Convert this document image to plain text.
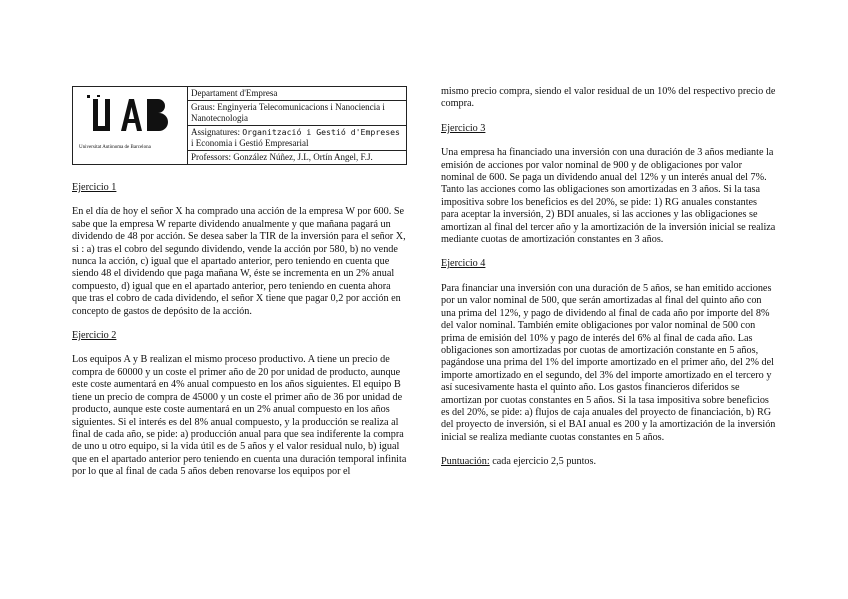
Universitat Autònoma de Barcelona
	Departament d'Empresa
Graus: Enginyeria Telecomunicacions i Nanociencia i Nanotecnologia
Assignatures: Organització i Gestió d'Empreses i Economia i Gestió Empresarial
Professors: González Núñez, J.L, Ortín Angel, F.J.
Ejercicio 1

En el día de hoy el señor X ha comprado una acción de la empresa W por 600. Se sabe que la empresa W reparte dividendo anualmente y que mañana pagará un dividendo de 48 por acción. Se desea saber la TIR de la inversión para el señor X, si : a) tras el cobro del segundo dividendo, vende la acción por 580, b) no vende nunca la acción, c) igual que el apartado anterior, pero teniendo en cuenta que siendo 48 el dividendo que paga mañana W, éste se incrementa en un 2% anual compuesto, d) igual que en el apartado anterior, pero teniendo en cuenta ahora que tras el cobro de cada dividendo, el señor X tiene que pagar 0,2 por acción en concepto de gastos de depósito de la acción.

Ejercicio 2

Los equipos A y B realizan el mismo proceso productivo. A tiene un precio de compra de 60000 y un coste el primer año de 20 por unidad de producto, aunque este coste aumentará en 4% anual compuesto en los años siguientes. El equipo B tiene un precio de compra de 45000 y un coste el primer año de 36 por unidad de producto, aunque este coste aumentará en un 2% anual compuesto en los años siguientes. Si el interés es del 8% anual compuesto, y la producción se realiza al final de cada año, se pide: a) producción anual para que sea indiferente la compra de uno u otro equipo, si la vida útil es de 5 años y el valor residual nulo, b) igual que en el apartado anterior pero teniendo en cuenta una duración temporal infinita por lo que al final de cada 5 años deben renovarse los equipos por el

mismo precio compra, siendo el valor residual de un 10% del respectivo precio de compra.

Ejercicio 3

Una empresa ha financiado una inversión con una duración de 3 años mediante la emisión de acciones por valor nominal de 900 y de obligaciones por valor nominal de 600. Se paga un dividendo anual del 12% y un interés anual del 7%. Tanto las acciones como las obligaciones son amortizadas en 3 años. Si la tasa impositiva sobre los beneficios es del 20%, se pide: 1) RG anuales constantes para aceptar la inversión, 2) BDI anuales, si las acciones y las obligaciones se amortizan al final del tercer año y la amortización de la inversión inicial se realiza mediante cuotas de amortización constantes en 3 años.

Ejercicio 4

Para financiar una inversión con una duración de 5 años, se han emitido acciones por un valor nominal de 500, que serán amortizadas al final del quinto año con una prima del 12%, y pago de dividendo al final de cada año por importe del 8% del valor nominal. También emite obligaciones por valor nominal de 500 con prima de emisión del 10% y pago de interés del 6% al final de cada año. Las obligaciones son amortizadas por cuotas de amortización constante en 5 años, pagándose una prima del 1% del importe amortizado en el primer año, del 2% del importe amortizado en el segundo, del 3% del importe amortizado en el tercero y así sucesivamente hasta el quinto año. Los gastos financieros diferidos se amortizan por cuotas constantes en 5 años. Si la tasa impositiva sobre beneficios es del 20%, se pide: a) flujos de caja anuales del proyecto de financiación, b) RG del proyecto de inversión, si el BAI anual es 200 y la amortización de la inversión inicial se realiza mediante cuotas constantes en 5 años.

Puntuación: cada ejercicio 2,5 puntos.
